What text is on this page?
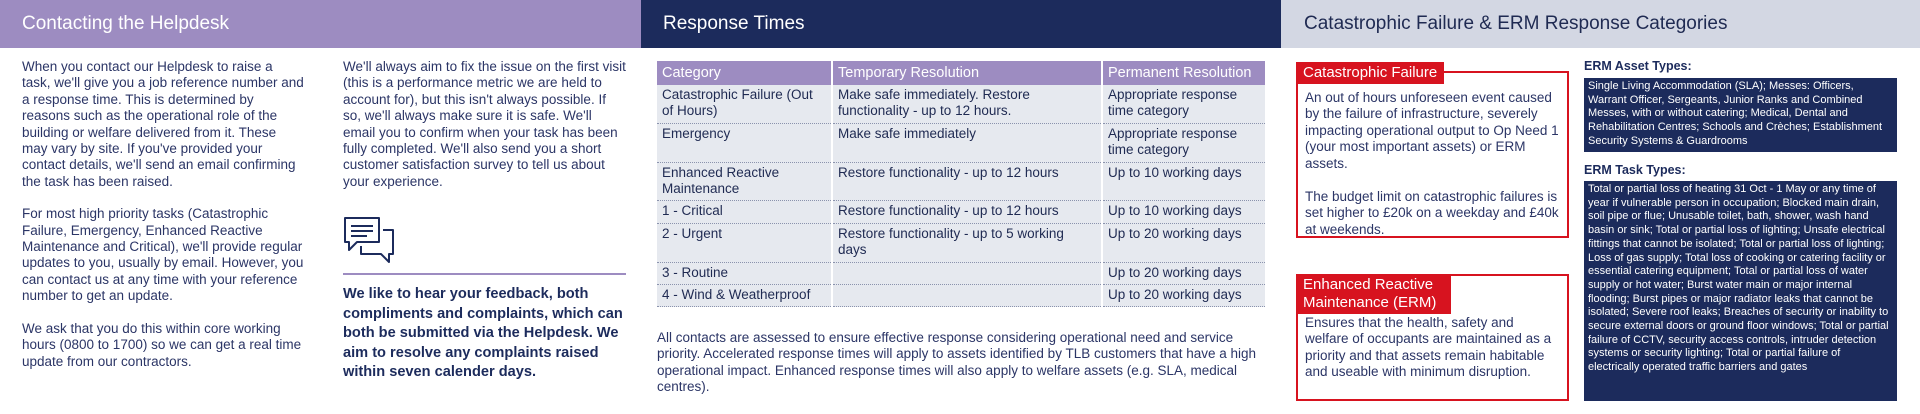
Contacting the Helpdesk	Response Times	Catastrophic Failure & ERM Response Categories

When you contact our Helpdesk to raise a task, we'll give you a job reference number and a response time. This is determined by reasons such as the operational role of the building or welfare delivered from it. These may vary by site. If you've provided your contact details, we'll send an email confirming the task has been raised.

For most high priority tasks (Catastrophic Failure, Emergency, Enhanced Reactive Maintenance and Critical), we'll provide regular updates to you, usually by email. However, you can contact us at any time with your reference number to get an update.

We ask that you do this within core working hours (0800 to 1700) so we can get a real time update from our contractors.

We'll always aim to fix the issue on the first visit (this is a performance metric we are held to account for), but this isn't always possible. If so, we'll always make sure it is safe. We'll email you to confirm when your task has been fully completed. We'll also send you a short customer satisfaction survey to tell us about your experience.

We like to hear your feedback, both compliments and complaints, which can both be submitted via the Helpdesk. We aim to resolve any complaints raised within seven calender days.
Category	Temporary Resolution	Permanent Resolution
Catastrophic Failure (Out of Hours)	Make safe immediately. Restore functionality - up to 12 hours.	Appropriate response time category
Emergency	Make safe immediately	Appropriate response time category
Enhanced Reactive Maintenance	Restore functionality - up to 12 hours	Up to 10 working days
1 - Critical	Restore functionality - up to 12 hours	Up to 10 working days
2 - Urgent	Restore functionality - up to 5 working days	Up to 20 working days
3 - Routine		Up to 20 working days
4 - Wind & Weatherproof		Up to 20 working days
All contacts are assessed to ensure effective response considering operational need and service priority. Accelerated response times will apply to assets identified by TLB customers that have a high operational impact. Enhanced response times will also apply to welfare assets (e.g. SLA, medical centres).

An out of hours unforeseen event caused by the failure of infrastructure, severely impacting operational output to Op Need 1 (your most important assets) or ERM assets.

The budget limit on catastrophic failures is set higher to £20k on a weekday and £40k at weekends.

Catastrophic Failure

Ensures that the health, safety and welfare of occupants are maintained as a priority and that assets remain habitable and useable with minimum disruption.

Enhanced Reactive Maintenance (ERM)
ERM Asset Types:
Single Living Accommodation (SLA); Messes: Officers, Warrant Officer, Sergeants, Junior Ranks and Combined Messes, with or without catering; Medical, Dental and Rehabilitation Centres; Schools and Crèches; Establishment Security Systems & Guardrooms
ERM Task Types:
Total or partial loss of heating 31 Oct - 1 May or any time of year if vulnerable person in occupation; Blocked main drain, soil pipe or flue; Unusable toilet, bath, shower, wash hand basin or sink; Total or partial loss of lighting; Unsafe electrical fittings that cannot be isolated; Total or partial loss of lighting; Loss of gas supply; Total loss of cooking or catering facility or essential catering equipment; Total or partial loss of water supply or hot water; Burst water main or major internal flooding; Burst pipes or major radiator leaks that cannot be isolated; Severe roof leaks; Breaches of security or inability to secure external doors or ground floor windows; Total or partial failure of CCTV, security access controls, intruder detection systems or security lighting; Total or partial failure of electrically operated traffic barriers and gates
